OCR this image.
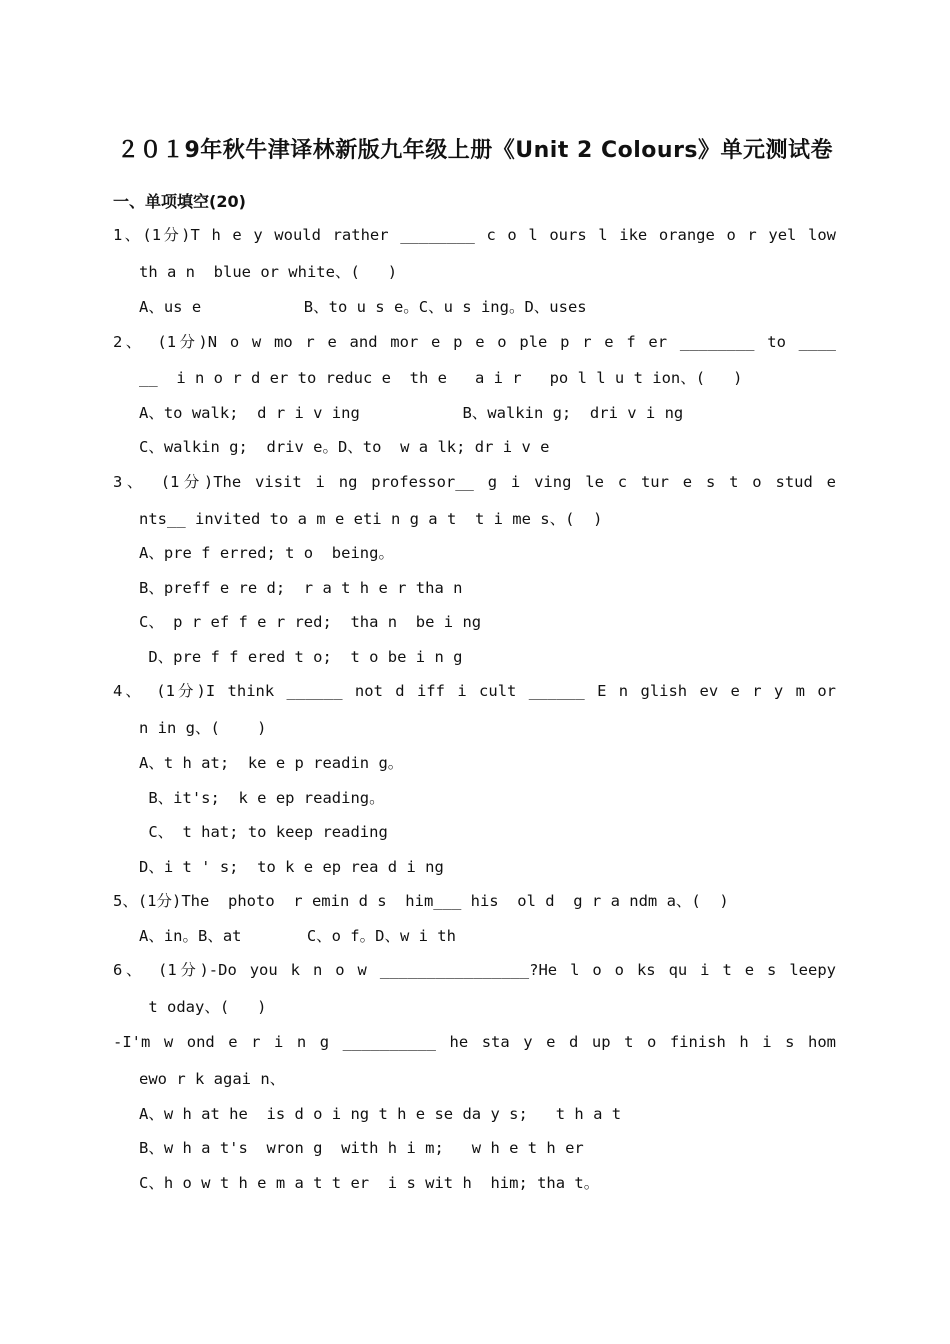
２０１9年秋牛津译林新版九年级上册《Unit 2 Colours》单元测试卷
一、单项填空(20)
1、(1分)T h e y would rather ________ c o l ours l ike orange o r yel low
th a n  blue or white、(   )
A、us e           B、to u s e。C、u s ing。D、uses
2、 (1分)N o w mo r e and mor e p e o ple p r e f er ________ to ____
__  i n o r d er to reduc e  th e   a i r   po l l u t ion、(   )
A、to walk;  d r i v ing           B、walkin g;  dri v i ng
C、walkin g;  driv e。D、to  w a lk; dr i v e
3、 (1分)The visit i ng professor__ g i ving le c tur e s t o stud e
nts__ invited to a m e eti n g a t  t i me s、(  )
A、pre f erred; t o  being。
B、preff e re d;  r a t h e r tha n
C、 p r ef f e r red;  tha n  be i ng
D、pre f f ered t o;  t o be i n g
4、 (1分)I think ______ not d iff i cult ______ E n glish ev e r y m or
n in g、(    )
A、t h at;  ke e p readin g。
B、it's;  k e ep reading。
C、 t hat; to keep reading
D、i t ' s;  to k e ep rea d i ng
5、(1分)The  photo  r emin d s  him___ his  ol d  g r a ndm a、(  )
A、in。B、at       C、o f。D、w i th
6、 (1分)-Do you k n o w ________________?He l o o ks qu i t e s leepy
t oday、(   )
-I'm w ond e r i n g __________ he sta y e d up t o finish h i s hom
ewo r k agai n、
A、w h at he  is d o i ng t h e se da y s;   t h a t
B、w h a t's  wron g  with h i m;   w h e t h er
C、h o w t h e m a t t er  i s wit h  him; tha t。
